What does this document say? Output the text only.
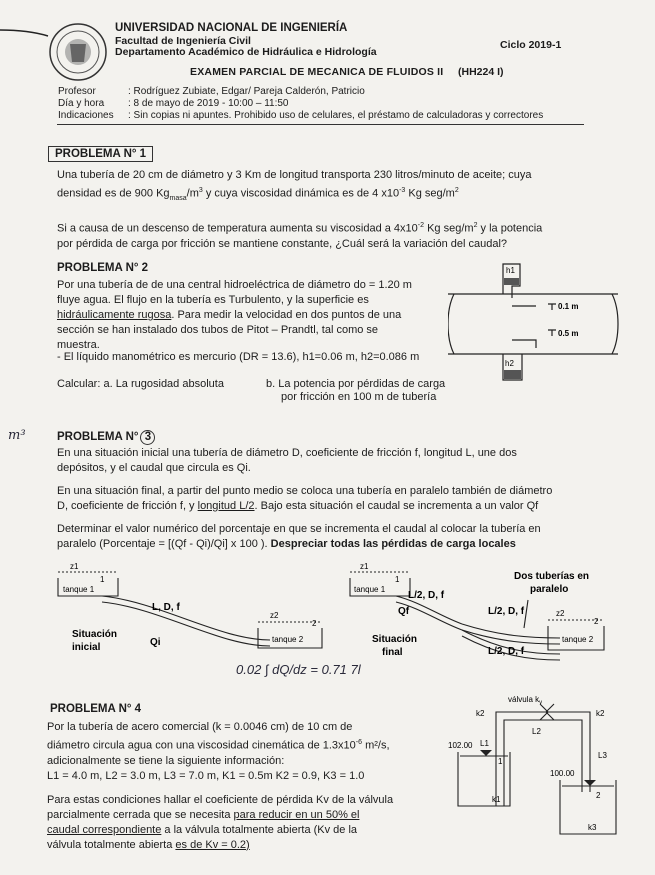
UNIVERSIDAD NACIONAL DE INGENIERÍA
Facultad de Ingeniería Civil
Departamento Académico de Hidráulica e Hidrología
Ciclo 2019-1
EXAMEN PARCIAL DE MECANICA DE FLUIDOS II (HH224 I)
Profesor	: Rodríguez Zubiate, Edgar/ Pareja Calderón, Patricio
Día y hora : 8 de mayo de 2019 - 10:00 – 11:50
Indicaciones : Sin copias ni apuntes. Prohibido uso de celulares, el préstamo de calculadoras y correctores
PROBLEMA N° 1
Una tubería de 20 cm de diámetro y 3 Km de longitud transporta 230 litros/minuto de aceite; cuya
densidad es de 900 $Kg_{masa}/m^3$ y cuya viscosidad dinámica es de 4 $x10^{-3}$ Kg seg/$m^2$
Si a causa de un descenso de temperatura aumenta su viscosidad a $4x10^{-2}$ Kg seg/$m^2$ y la potencia
por pérdida de carga por fricción se mantiene constante, ¿Cuál será la variación del caudal?
PROBLEMA N° 2
Por una tubería de de una central hidroeléctrica de diámetro do = 1.20 m
fluye agua. El flujo en la tubería es Turbulento, y la superficie es
hidráulicamente rugosa. Para medir la velocidad en dos puntos de una
sección se han instalado dos tubos de Pitot – Prandtl, tal como se
muestra.
- El líquido manométrico es mercurio (DR = 13.6), h1=0.06 m, h2=0.086 m
Calcular: a. La rugosidad absoluta	b. La potencia por pérdidas de carga
por fricción en 100 m de tubería
h1
h2
0.1 m
0.5 m
m³	PROBLEMA N° 3
En una situación inicial una tubería de diámetro D, coeficiente de fricción f, longitud L, une dos
depósitos, y el caudal que circula es Qi.
En una situación final, a partir del punto medio se coloca una tubería en paralelo también de diámetro
D, coeficiente de fricción f, y longitud L/2. Bajo esta situación el caudal se incrementa a un valor Qf
Determinar el valor numérico del porcentaje en que se incrementa el caudal al colocar la tubería en
paralelo (Porcentaje = [(Qf - Qi)/Qi] x 100 ). Despreciar todas las pérdidas de carga locales
z1
1
tanque 1
L, D, f
Qi
Situación
inicial
z2
2
tanque 2
z1
1
tanque 1
L/2, D, f
Qf
Situación
final
Dos tuberías en
paralelo
L/2, D, f
L/2, D, f
z2
2
tanque 2
0.02 ∫ dQ/dz = 0.71 7l
PROBLEMA N° 4
Por la tubería de acero comercial (k = 0.0046 cm) de 10 cm de
diámetro circula agua con una viscosidad cinemática de $1.3x10^{-6}$ m²/s,
adicionalmente se tiene la siguiente información:
L1 = 4.0 m, L2 = 3.0 m, L3 = 7.0 m, K1 = 0.5m K2 = 0.9, K3 = 1.0
Para estas condiciones hallar el coeficiente de pérdida Kv de la válvula
parcialmente cerrada que se necesita para reducir en un 50% el
caudal correspondiente a la válvula totalmente abierta (Kv de la
válvula totalmente abierta es de Kv = 0.2)
válvula $k_v$
k2	k2
L2
L1
L3
102.00
100.00
1
2
k1
k3
